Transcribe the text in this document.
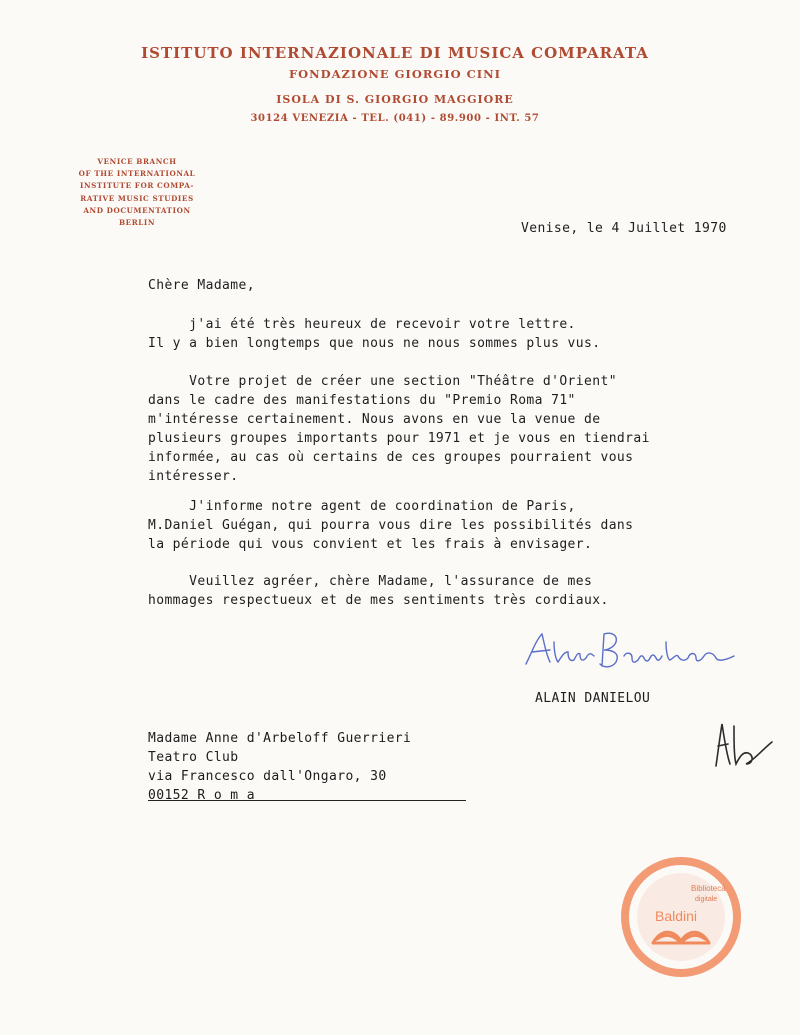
ISTITUTO INTERNAZIONALE DI MUSICA COMPARATA
FONDAZIONE GIORGIO CINI
ISOLA DI S. GIORGIO MAGGIORE
30124 VENEZIA - TEL. (041) - 89.900 - INT. 57
VENICE BRANCH
OF THE INTERNATIONAL
INSTITUTE FOR COMPA-
RATIVE MUSIC STUDIES
AND DOCUMENTATION
BERLIN	Venise, le 4 Juillet 1970
Chère Madame,
j'ai été très heureux de recevoir votre lettre.
Il y a bien longtemps que nous ne nous sommes plus vus.
Votre projet de créer une section "Théâtre d'Orient"
dans le cadre des manifestations du "Premio Roma 71"
m'intéresse certainement. Nous avons en vue la venue de
plusieurs groupes importants pour 1971 et je vous en tiendrai
informée, au cas où certains de ces groupes pourraient vous
intéresser.
J'informe notre agent de coordination de Paris,
M.Daniel Guégan, qui pourra vous dire les possibilités dans
la période qui vous convient et les frais à envisager.
Veuillez agréer, chère Madame, l'assurance de mes
hommages respectueux et de mes sentiments très cordiaux.
ALAIN DANIELOU
Madame Anne d'Arbeloff Guerrieri
Teatro Club
via Francesco dall'Ongaro, 30
00152 R o m a
Biblioteca
digitale
Baldini
